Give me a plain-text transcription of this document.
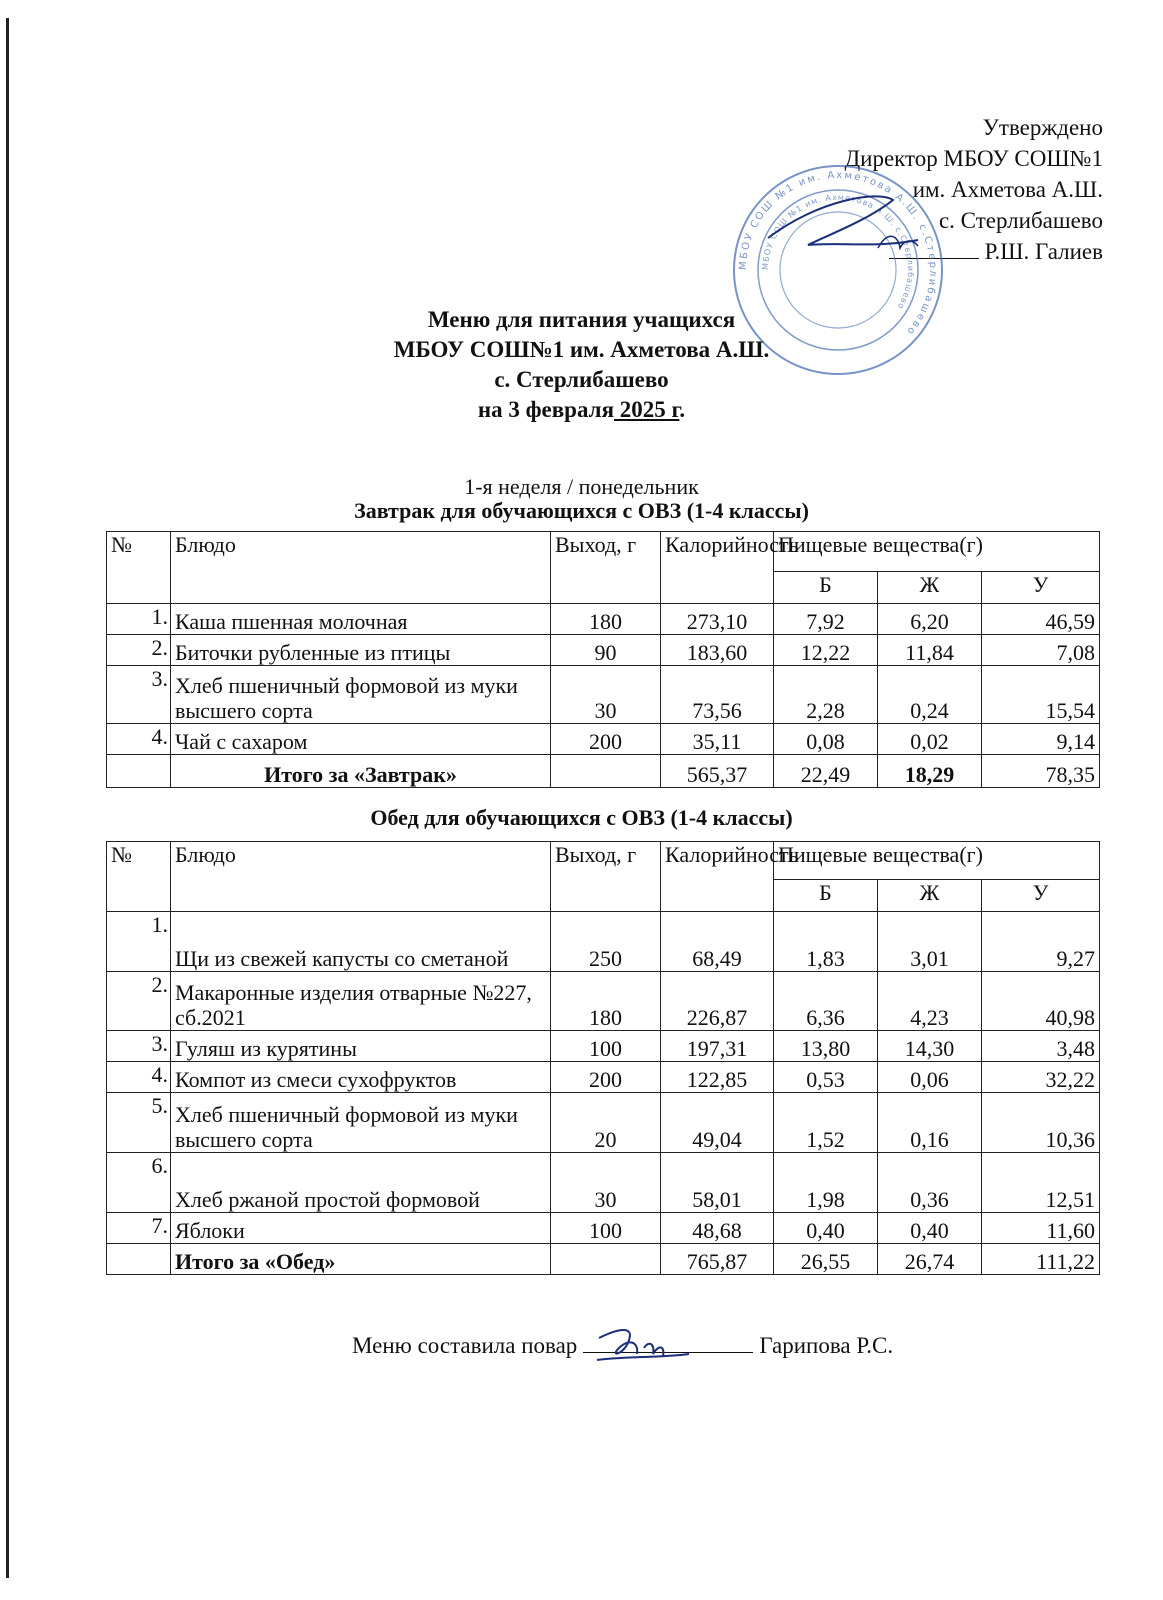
Утверждено
Директор МБОУ СОШ№1
им. Ахметова А.Ш.
с. Стерлибашево
Р.Ш. Галиев
МБОУ СОШ №1 им. Ахметова А.Ш. с.Стерлибашево
МБОУ СОШ №1 им. Ахметова А.Ш. с.Стерлибашево
Меню для питания учащихся
МБОУ СОШ№1 им. Ахметова А.Ш.
с. Стерлибашево
на 3 февраля 2025 г.
1-я неделя / понедельник
Завтрак для обучающихся с ОВЗ (1-4 классы)
№	Блюдо	Выход, г	Калорийность	Пищевые вещества(г)		
				Б	Ж	У
1.	Каша пшенная молочная	180	273,10	7,92	6,20	46,59
2.	Биточки рубленные из птицы	90	183,60	12,22	11,84	7,08
3.	Хлеб пшеничный формовой из муки высшего сорта	30	73,56	2,28	0,24	15,54
4.	Чай с сахаром	200	35,11	0,08	0,02	9,14
	Итого за «Завтрак»		565,37	22,49	18,29	78,35
Обед для обучающихся с ОВЗ (1-4 классы)
№	Блюдо	Выход, г	Калорийность	Пищевые вещества(г)		
				Б	Ж	У
1.	Щи из свежей капусты со сметаной	250	68,49	1,83	3,01	9,27
2.	Макаронные изделия отварные №227, сб.2021	180	226,87	6,36	4,23	40,98
3.	Гуляш из курятины	100	197,31	13,80	14,30	3,48
4.	Компот из смеси сухофруктов	200	122,85	0,53	0,06	32,22
5.	Хлеб пшеничный формовой из муки высшего сорта	20	49,04	1,52	0,16	10,36
6.	Хлеб ржаной простой формовой	30	58,01	1,98	0,36	12,51
7.	Яблоки	100	48,68	0,40	0,40	11,60
	Итого за «Обед»		765,87	26,55	26,74	111,22
Меню составила повар	Гарипова Р.С.
